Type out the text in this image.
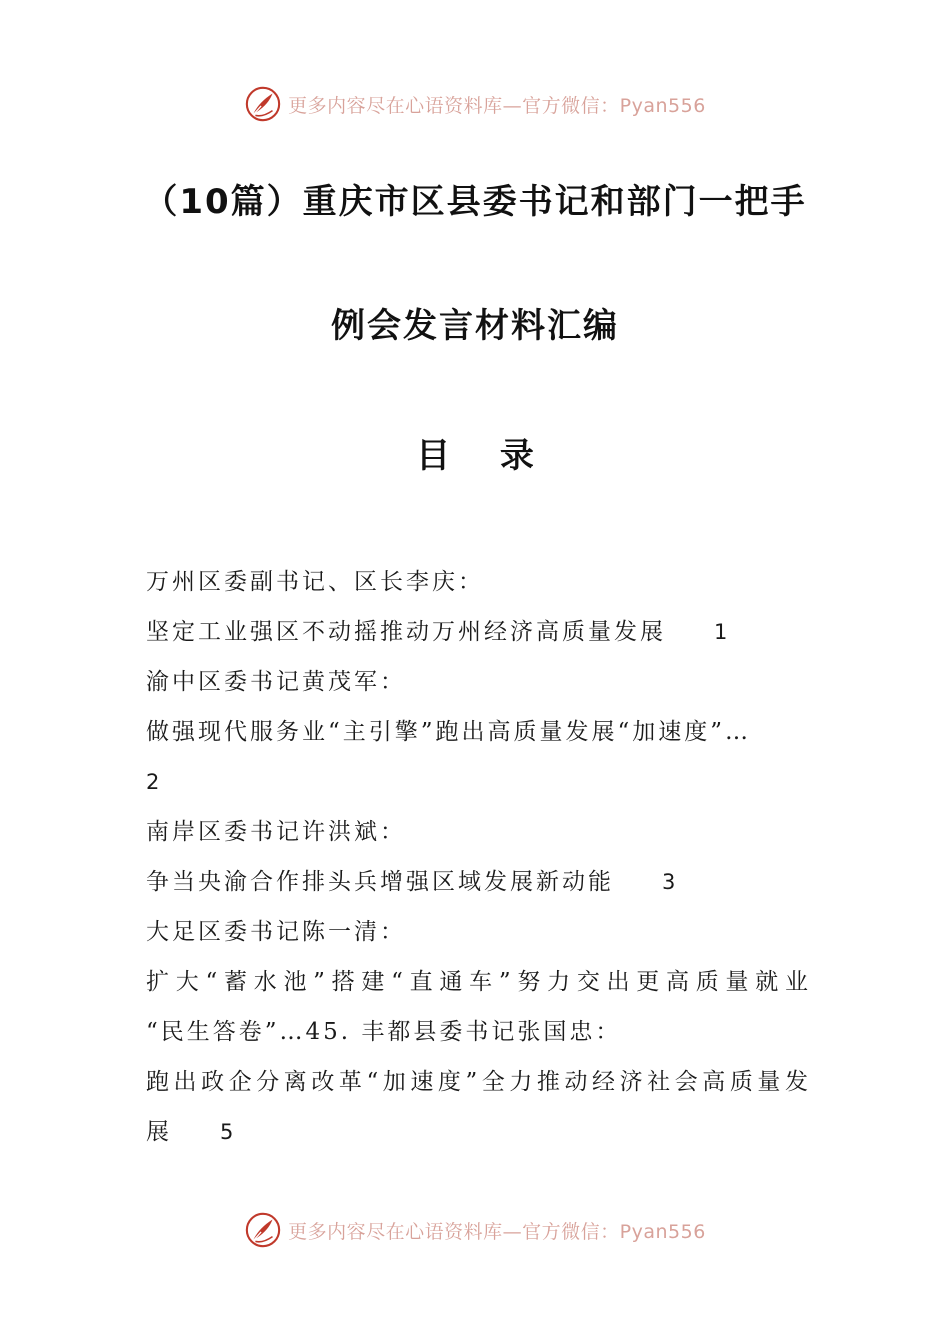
更多内容尽在心语资料库—官方微信：Pyan556
（10篇）重庆市区县委书记和部门一把手
例会发言材料汇编
目 录
万州区委副书记、区长李庆：
坚定工业强区不动摇推动万州经济高质量发展 1
渝中区委书记黄茂军：
做强现代服务业“主引擎”跑出高质量发展“加速度”…
2
南岸区委书记许洪斌：
争当央渝合作排头兵增强区域发展新动能 3
大足区委书记陈一清：
扩大“蓄水池”搭建“直通车”努力交出更高质量就业
“民生答卷”…45. 丰都县委书记张国忠：
跑出政企分离改革“加速度”全力推动经济社会高质量发
展 5
更多内容尽在心语资料库—官方微信：Pyan556
